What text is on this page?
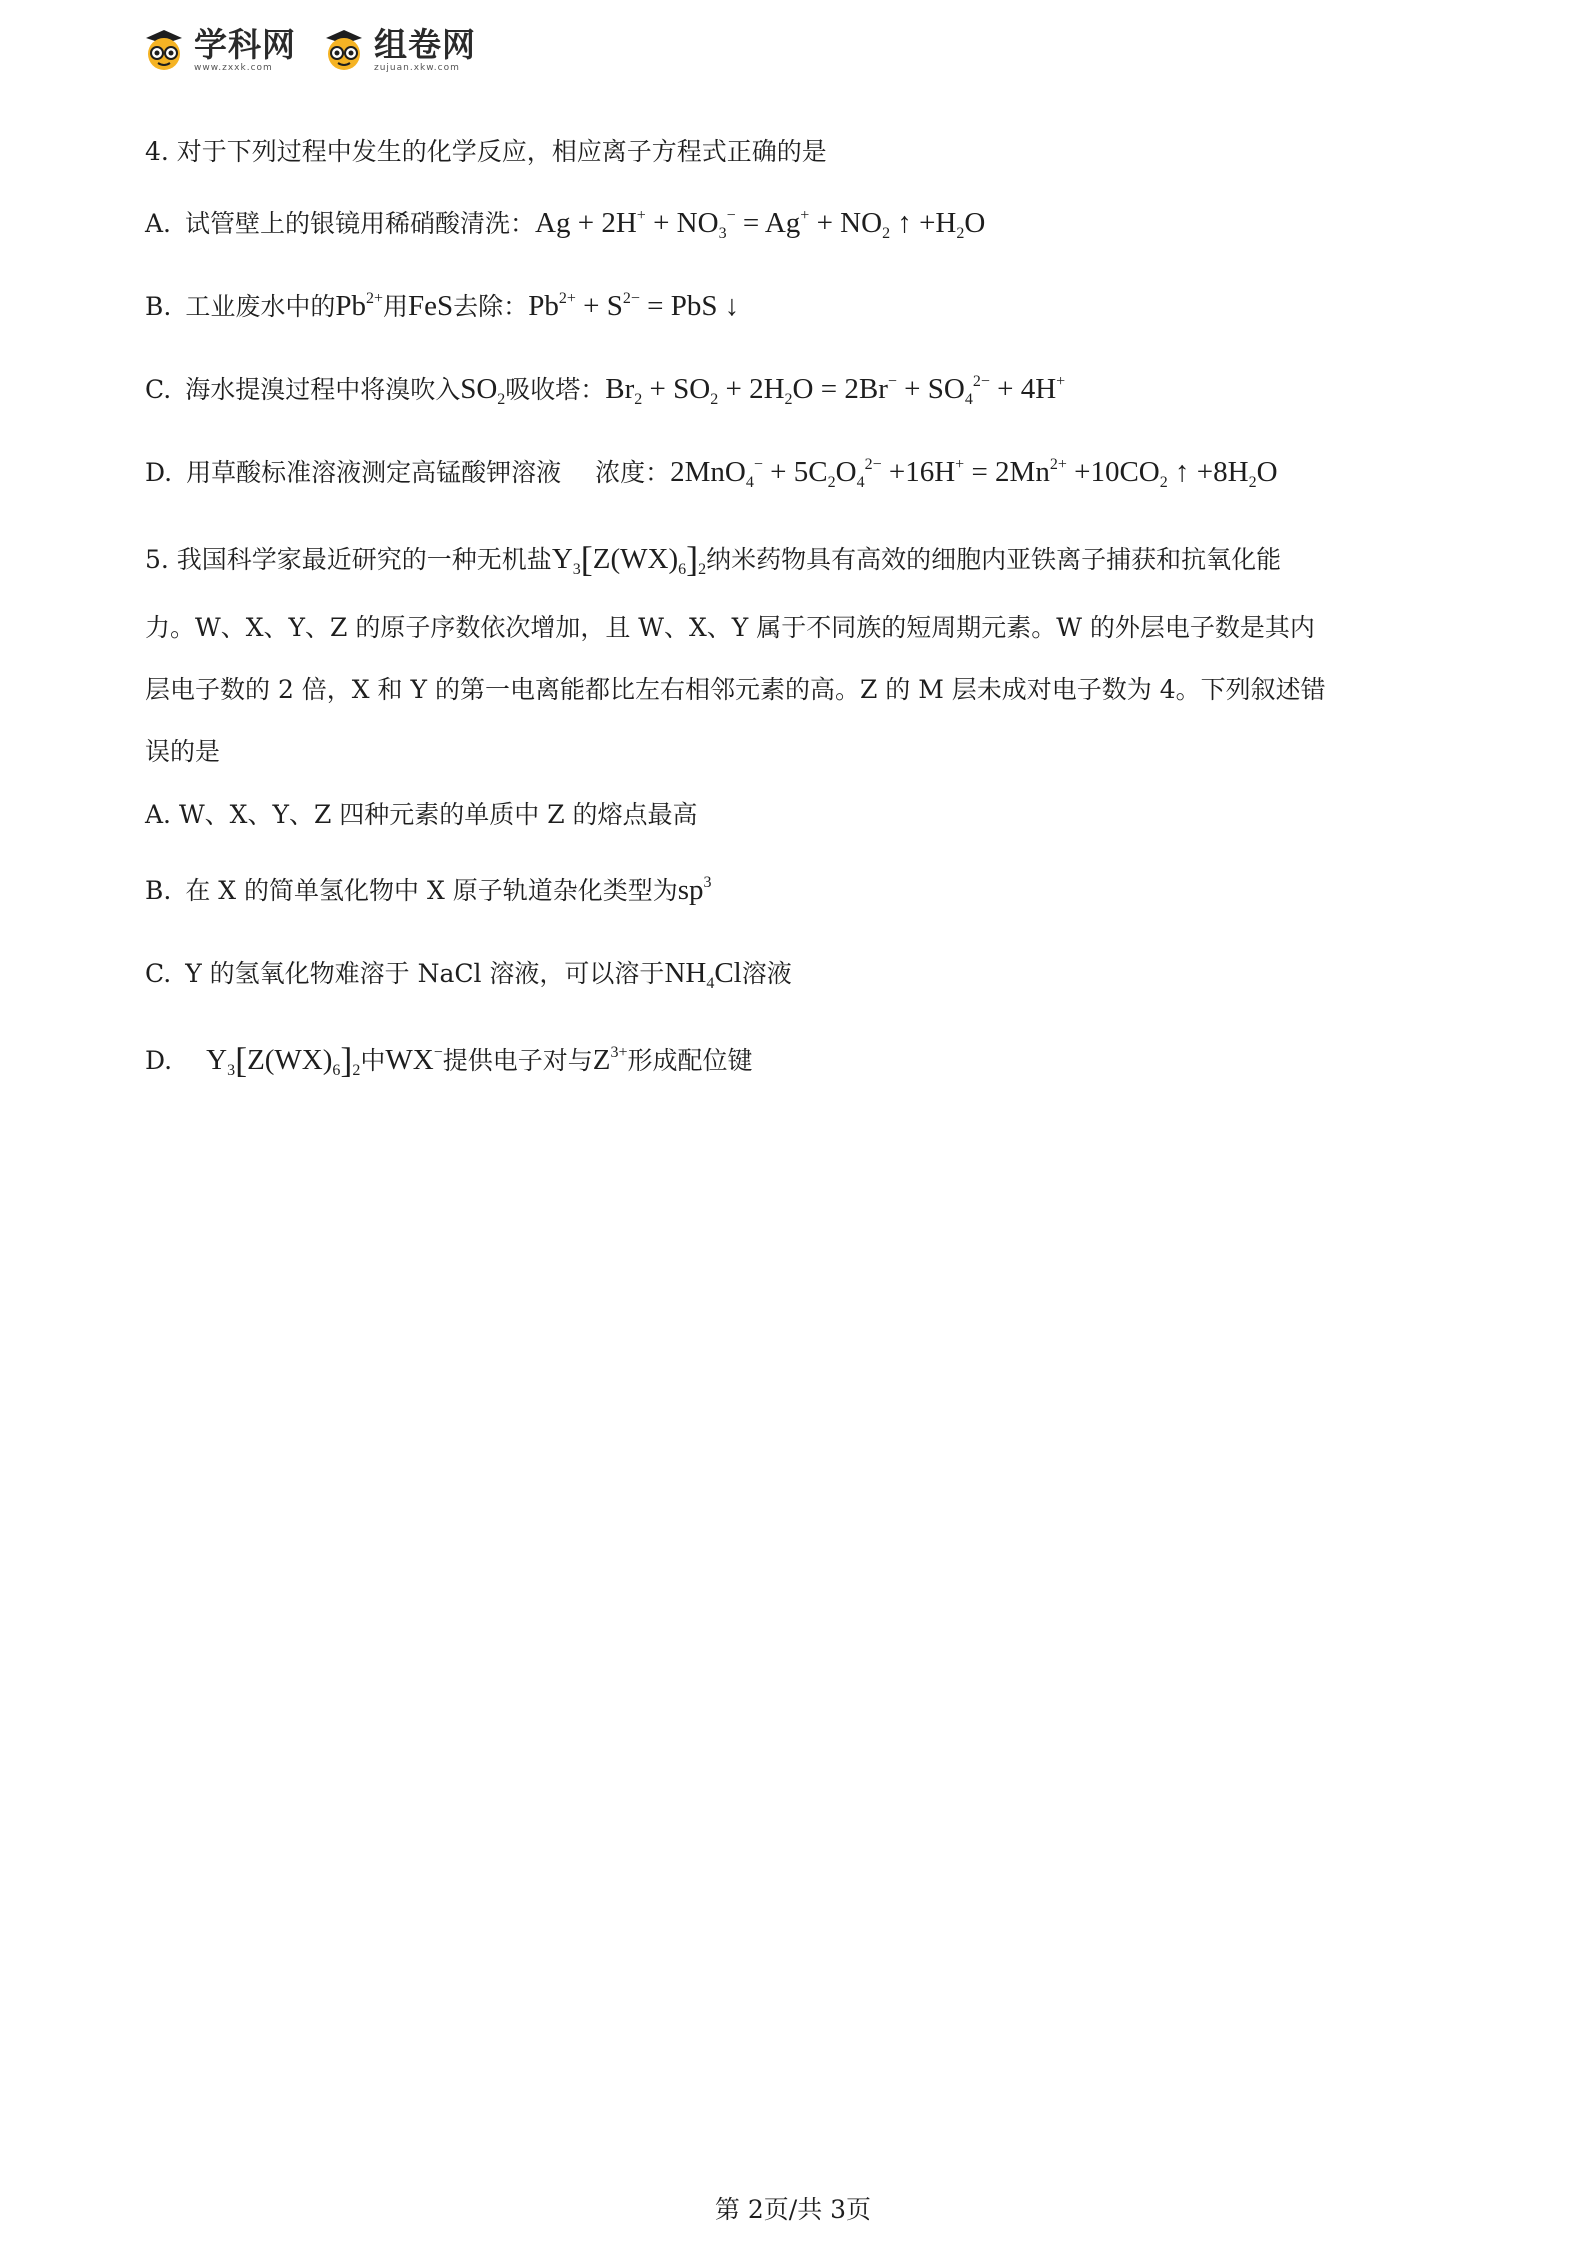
学科网
www.zxxk.com
组卷网
zujuan.xkw.com
4. 对于下列过程中发生的化学反应，相应离子方程式正确的是
A. 试管壁上的银镜用稀硝酸清洗：$Ag + 2H^+ + NO_3^- = Ag^+ + NO_2$ ↑ $+H_2O$
B. 工业废水中的$Pb^{2+}$用FeS去除：$Pb^{2+} + S^{2-}$ = PbS ↓
C. 海水提溴过程中将溴吹入$SO_2$吸收塔：$Br_2 + SO_2 + 2H_2O = 2Br^- + SO_4^{2-} + 4H^+$
D. 用草酸标准溶液测定高锰酸钾溶液 浓度：$2MnO_4^- + 5C_2O_4^{2-} +16H^+ = 2Mn^{2+} +10CO_2$ ↑ $+8H_2O$
5. 我国科学家最近研究的一种无机盐$Y_3[Z(WX)_6]_2$纳米药物具有高效的细胞内亚铁离子捕获和抗氧化能
力。W、X、Y、Z 的原子序数依次增加，且 W、X、Y 属于不同族的短周期元素。W 的外层电子数是其内
层电子数的 2 倍，X 和 Y 的第一电离能都比左右相邻元素的高。Z 的 M 层未成对电子数为 4。下列叙述错
误的是
A. W、X、Y、Z 四种元素的单质中 Z 的熔点最高
B. 在 X 的简单氢化物中 X 原子轨道杂化类型为$sp^3$
C. Y 的氢氧化物难溶于 NaCl 溶液，可以溶于$NH_4Cl$溶液
D. $Y_3[Z(WX)_6]_2$中WX−提供电子对与$Z^{3+}$形成配位键
第 2页/共 3页
